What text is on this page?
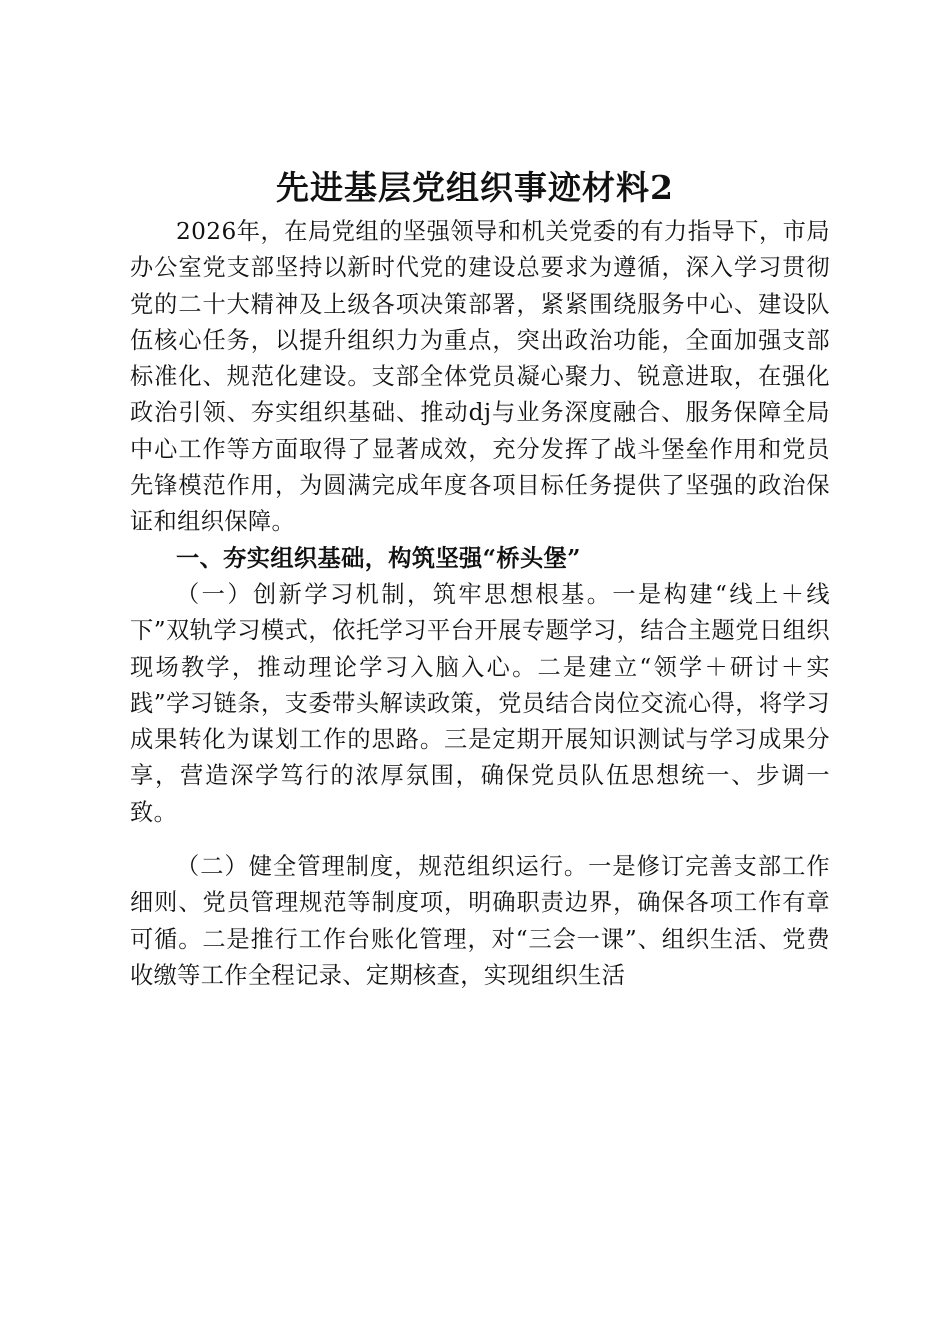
先进基层党组织事迹材料2

2026年，在局党组的坚强领导和机关党委的有力指导下，市局办公室党支部坚持以新时代党的建设总要求为遵循，深入学习贯彻党的二十大精神及上级各项决策部署，紧紧围绕服务中心、建设队伍核心任务，以提升组织力为重点，突出政治功能，全面加强支部标准化、规范化建设。支部全体党员凝心聚力、锐意进取，在强化政治引领、夯实组织基础、推动dj与业务深度融合、服务保障全局中心工作等方面取得了显著成效，充分发挥了战斗堡垒作用和党员先锋模范作用，为圆满完成年度各项目标任务提供了坚强的政治保证和组织保障。

一、夯实组织基础，构筑坚强“桥头堡”

（一）创新学习机制，筑牢思想根基。一是构建“线上＋线下”双轨学习模式，依托学习平台开展专题学习，结合主题党日组织现场教学，推动理论学习入脑入心。二是建立“领学＋研讨＋实践”学习链条，支委带头解读政策，党员结合岗位交流心得，将学习成果转化为谋划工作的思路。三是定期开展知识测试与学习成果分享，营造深学笃行的浓厚氛围，确保党员队伍思想统一、步调一致。

（二）健全管理制度，规范组织运行。一是修订完善支部工作细则、党员管理规范等制度项，明确职责边界，确保各项工作有章可循。二是推行工作台账化管理，对“三会一课”、组织生活、党费收缴等工作全程记录、定期核查，实现组织生活
